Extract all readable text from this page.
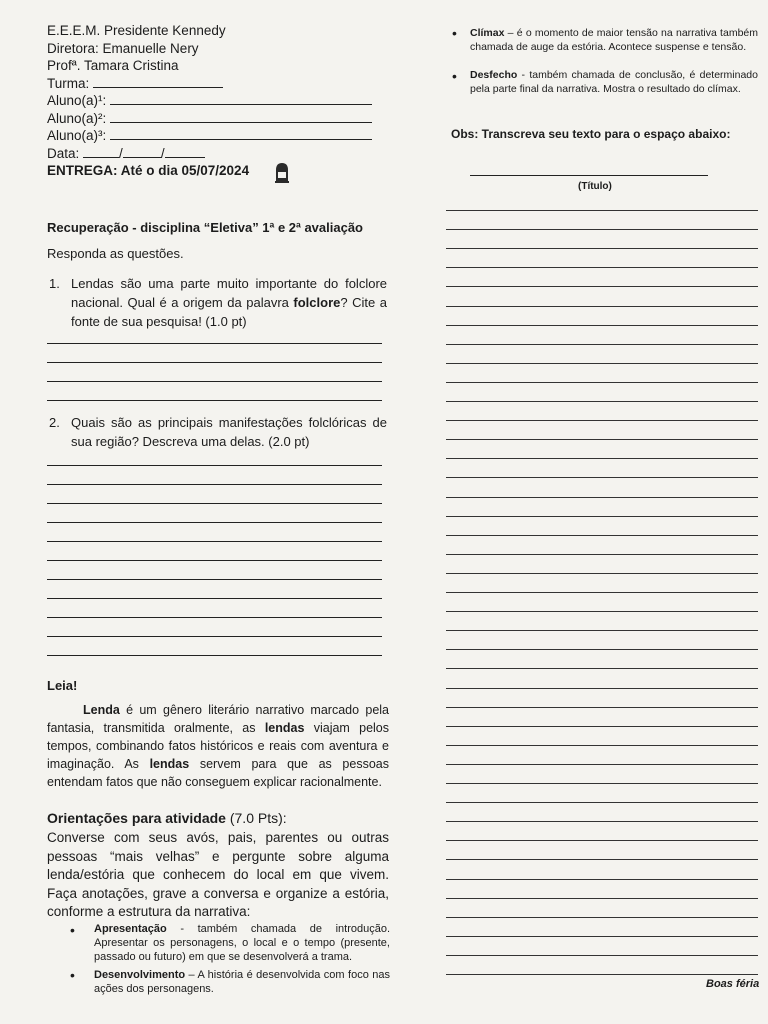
E.E.E.M. Presidente Kennedy
Diretora: Emanuelle Nery
Profª. Tamara Cristina
Turma:
Aluno(a)¹:
Aluno(a)²:
Aluno(a)³:
Data:	/	/
ENTREGA: Até o dia 05/07/2024
Recuperação - disciplina “Eletiva” 1ª e 2ª avaliação
Responda as questões.
1. Lendas são uma parte muito importante do folclore nacional. Qual é a origem da palavra folclore? Cite a fonte de sua pesquisa! (1.0 pt)
2. Quais são as principais manifestações folclóricas de sua região? Descreva uma delas. (2.0 pt)
Leia!
Lenda é um gênero literário narrativo marcado pela fantasia, transmitida oralmente, as lendas viajam pelos tempos, combinando fatos históricos e reais com aventura e imaginação. As lendas servem para que as pessoas entendam fatos que não conseguem explicar racionalmente.
Orientações para atividade (7.0 Pts):
Converse com seus avós, pais, parentes ou outras pessoas “mais velhas” e pergunte sobre alguma lenda/estória que conhecem do local em que vivem. Faça anotações, grave a conversa e organize a estória, conforme a estrutura da narrativa:
• Apresentação - também chamada de introdução. Apresentar os personagens, o local e o tempo (presente, passado ou futuro) em que se desenvolverá a trama.
• Desenvolvimento – A história é desenvolvida com foco nas ações dos personagens.
• Clímax – é o momento de maior tensão na narrativa também chamada de auge da estória. Acontece suspense e tensão.
• Desfecho - também chamada de conclusão, é determinado pela parte final da narrativa. Mostra o resultado do clímax.
Obs: Transcreva seu texto para o espaço abaixo:
(Título)
Boas féria
